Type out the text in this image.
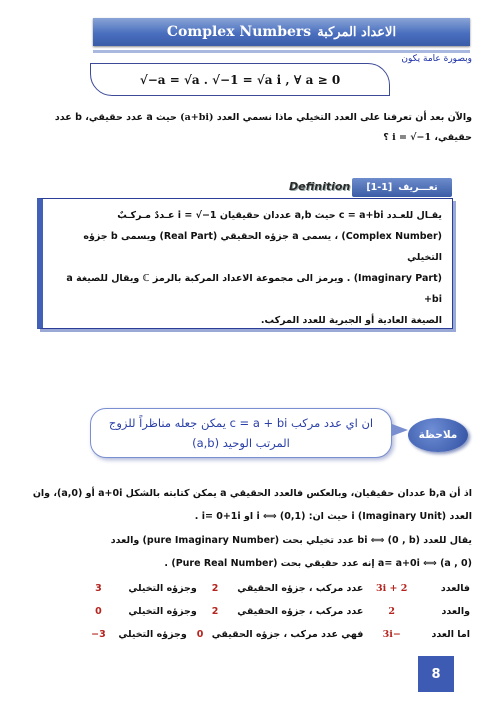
Complex Numbers الاعداد المركبة
وبصورة عامة يكون
√−a = √a . √−1 = √a i , ∀ a ≥ 0
والآن بعد أن تعرفنا على العدد التخيلي ماذا نسمي العدد (a+bi) حيث a عدد حقيقي، b عدد
حقيقي، i = √−1 ؟
Definition [1-1] تعـــريف
يقـال للعـدد c = a+bi حيث a,b عددان حقيقيان i = √−1 عـددٌ مـركـبٌ
(Complex Number) ، يسمى a جزؤه الحقيقي (Real Part) ويسمى b جزؤه التخيلي
(Imaginary Part) . ويرمز الى مجموعة الاعداد المركبة بالرمز ℂ ويقال للصيغة a +bi
الصيغة العادية أو الجبرية للعدد المركب.
ان اي عدد مركب c = a + bi يمكن جعله مناظراً للزوج
المرتب الوحيد (a,b)
ملاحظة
اذ أن b,a عددان حقيقيان، وبالعكس فالعدد الحقيقي a يمكن كتابته بالشكل a+0i أو (a,0)، وان
العدد i (Imaginary Unit) حيث ان: (0,1) ⟺ i او i= 0+1i .
يقال للعدد bi ⟺ (0 , b) عدد تخيلي بحت (pure Imaginary Number) والعدد
a= a+0i ⟺ (a , 0) إنه عدد حقيقي بحت (Pure Real Number) .
فالعدد 3i + 2 عدد مركب ، جزؤه الحقيقي 2 وجزؤه التخيلي 3
والعدد 2 عدد مركب ، جزؤه الحقيقي 2 وجزؤه التخيلي 0
اما العدد 3i− فهي عدد مركب ، جزؤه الحقيقي 0 وجزؤه التخيلي 3−
8
